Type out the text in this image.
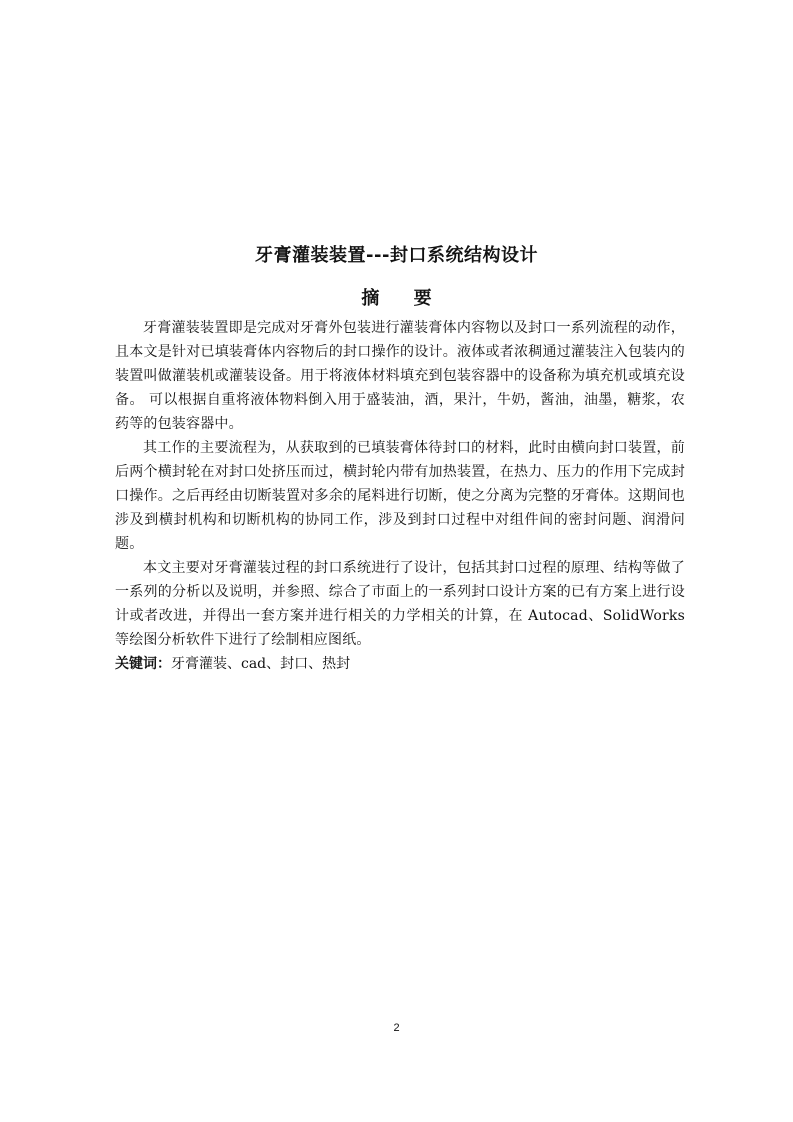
牙膏灌装装置---封口系统结构设计
摘 要

牙膏灌装装置即是完成对牙膏外包装进行灌装膏体内容物以及封口一系列流程的动作，且本文是针对已填装膏体内容物后的封口操作的设计。液体或者浓稠通过灌装注入包装内的装置叫做灌装机或灌装设备。用于将液体材料填充到包装容器中的设备称为填充机或填充设备。 可以根据自重将液体物料倒入用于盛装油，酒，果汁，牛奶，酱油，油墨，糖浆，农药等的包装容器中。

其工作的主要流程为，从获取到的已填装膏体待封口的材料，此时由横向封口装置，前后两个横封轮在对封口处挤压而过，横封轮内带有加热装置，在热力、压力的作用下完成封口操作。之后再经由切断装置对多余的尾料进行切断，使之分离为完整的牙膏体。这期间也涉及到横封机构和切断机构的协同工作，涉及到封口过程中对组件间的密封问题、润滑问题。

本文主要对牙膏灌装过程的封口系统进行了设计，包括其封口过程的原理、结构等做了一系列的分析以及说明，并参照、综合了市面上的一系列封口设计方案的已有方案上进行设计或者改进，并得出一套方案并进行相关的力学相关的计算，在 Autocad、SolidWorks 等绘图分析软件下进行了绘制相应图纸。

关键词：牙膏灌装、cad、封口、热封

2
